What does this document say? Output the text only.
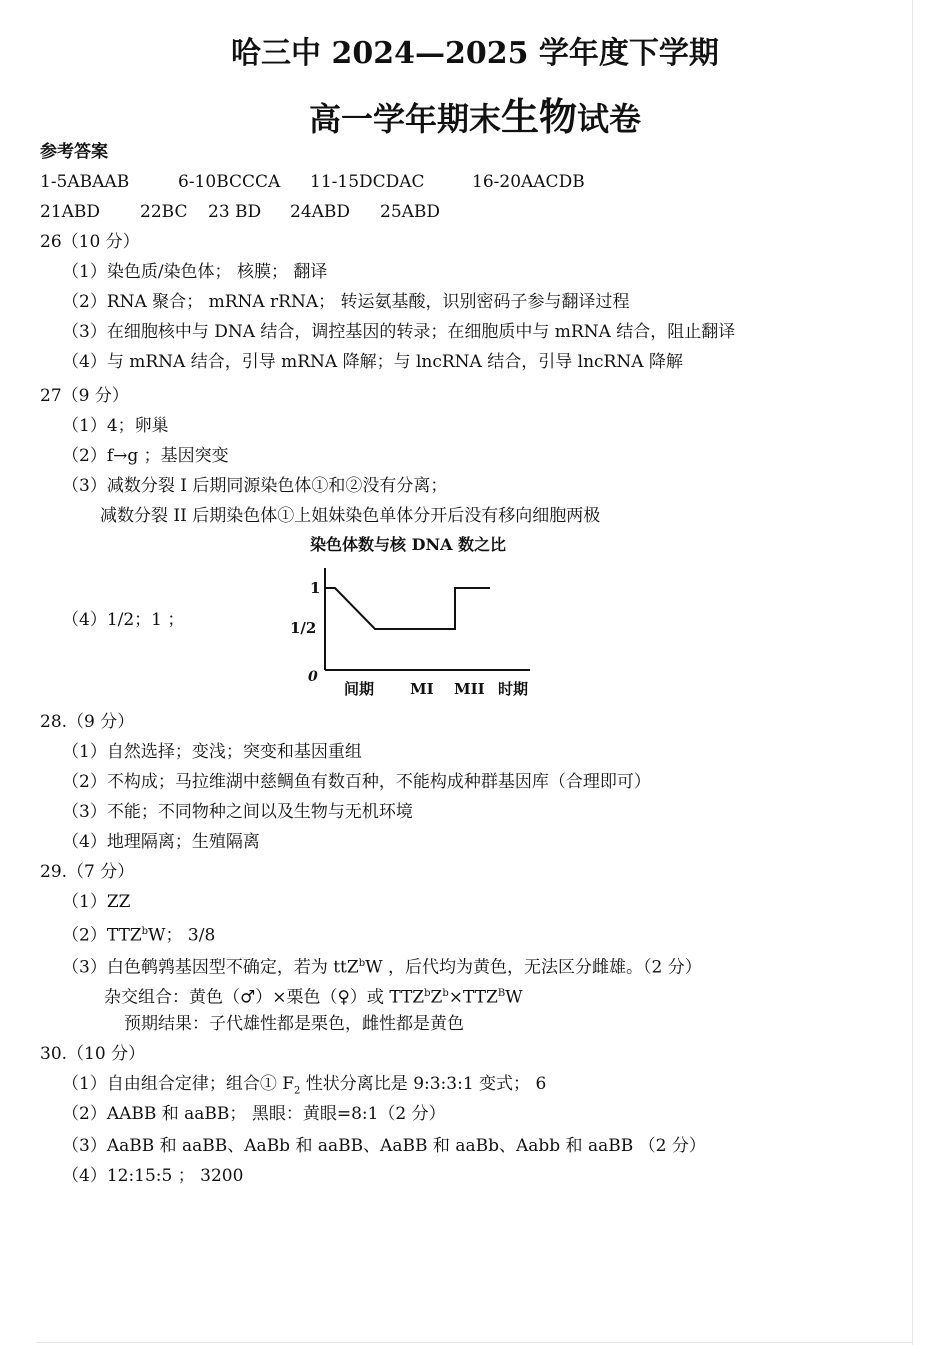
哈三中 2024—2025 学年度下学期
高一学年期末生物试卷
参考答案
1-5ABAAB	6-10BCCCA 11-15DCDAC	16-20AACDB
21ABD 22BC 23 BD 24ABD 25ABD
26（10 分）
（1）染色质/染色体； 核膜； 翻译
（2）RNA 聚合； mRNA rRNA； 转运氨基酸，识别密码子参与翻译过程
（3）在细胞核中与 DNA 结合，调控基因的转录；在细胞质中与 mRNA 结合，阻止翻译
（4）与 mRNA 结合，引导 mRNA 降解；与 lncRNA 结合，引导 lncRNA 降解
27（9 分）
（1）4；卵巢
（2）f→g ；基因突变
（3）减数分裂 I 后期同源染色体①和②没有分离；
减数分裂 II 后期染色体①上姐妹染色单体分开后没有移向细胞两极
（4）1/2；1 ；
染色体数与核 DNA 数之比
0
1
1/2
间期 MI MII 时期
28.（9 分）
（1）自然选择；变浅；突变和基因重组
（2）不构成；马拉维湖中慈鲷鱼有数百种，不能构成种群基因库（合理即可）
（3）不能；不同物种之间以及生物与无机环境
（4）地理隔离；生殖隔离
29.（7 分）
（1）ZZ
（2）TTZ$^b$W； 3/8
（3）白色鹌鹑基因型不确定，若为 ttZ$^b$W ，后代均为黄色，无法区分雌雄。（2 分）
杂交组合：黄色（♂）×栗色（♀）或 $TTZ^bZ^b\times TTZ^BW$
预期结果：子代雄性都是栗色，雌性都是黄色
30.（10 分）
（1）自由组合定律；组合① $F_2$ 性状分离比是 9:3:3:1 变式； 6
（2）AABB 和 aaBB； 黑眼：黄眼=8:1（2 分）
（3）AaBB 和 aaBB、AaBb 和 aaBB、AaBB 和 aaBb、Aabb 和 aaBB （2 分）
（4）12:15:5 ； 3200
